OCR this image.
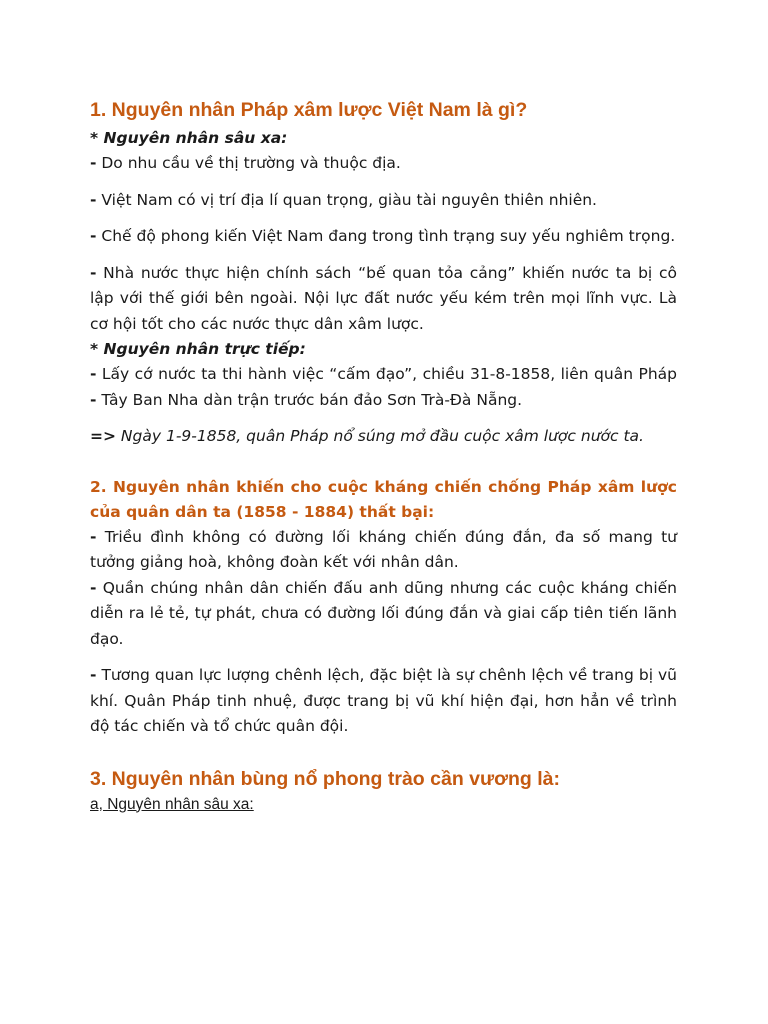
1. Nguyên nhân Pháp xâm lược Việt Nam là gì?

* Nguyên nhân sâu xa:

- Do nhu cầu về thị trường và thuộc địa.

- Việt Nam có vị trí địa lí quan trọng, giàu tài nguyên thiên nhiên.

- Chế độ phong kiến Việt Nam đang trong tình trạng suy yếu nghiêm trọng.

- Nhà nước thực hiện chính sách “bế quan tỏa cảng” khiến nước ta bị cô lập với thế giới bên ngoài. Nội lực đất nước yếu kém trên mọi lĩnh vực. Là cơ hội tốt cho các nước thực dân xâm lược.

* Nguyên nhân trực tiếp:

- Lấy cớ nước ta thi hành việc “cấm đạo”, chiều 31-8-1858, liên quân Pháp - Tây Ban Nha dàn trận trước bán đảo Sơn Trà-Đà Nẵng.

=> Ngày 1-9-1858, quân Pháp nổ súng mở đầu cuộc xâm lược nước ta.

2. Nguyên nhân khiến cho cuộc kháng chiến chống Pháp xâm lược của quân dân ta (1858 - 1884) thất bại:

- Triều đình không có đường lối kháng chiến đúng đắn, đa số mang tư tưởng giảng hoà, không đoàn kết với nhân dân.

- Quần chúng nhân dân chiến đấu anh dũng nhưng các cuộc kháng chiến diễn ra lẻ tẻ, tự phát, chưa có đường lối đúng đắn và giai cấp tiên tiến lãnh đạo.

- Tương quan lực lượng chênh lệch, đặc biệt là sự chênh lệch về trang bị vũ khí. Quân Pháp tinh nhuệ, được trang bị vũ khí hiện đại, hơn hẳn về trình độ tác chiến và tổ chức quân đội.

3. Nguyên nhân bùng nổ phong trào cần vương là:

a, Nguyên nhân sâu xa:
